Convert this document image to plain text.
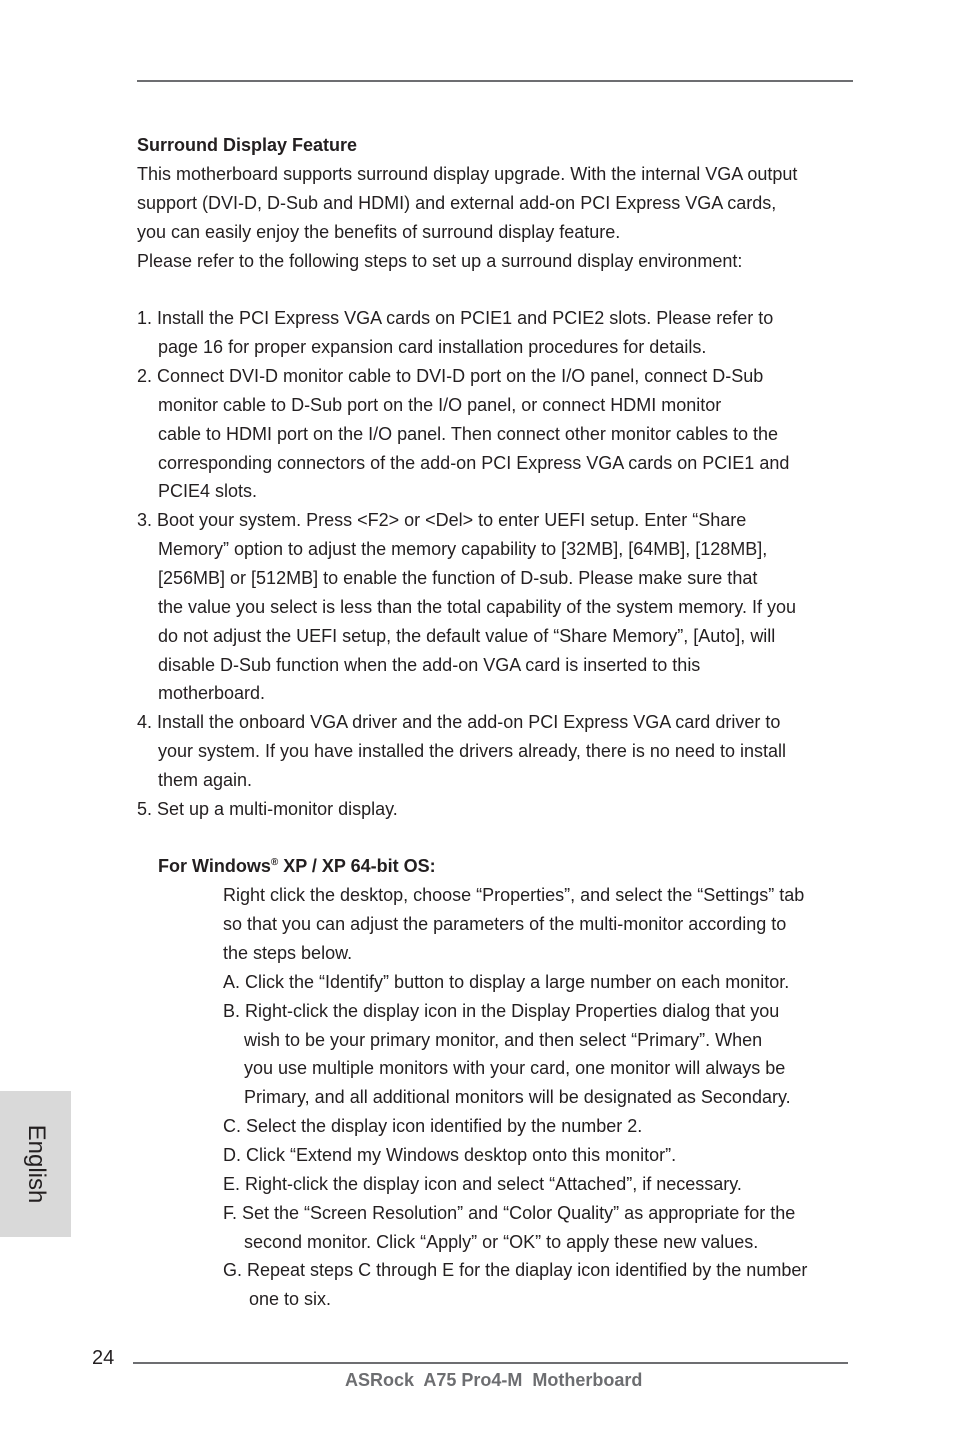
Surround Display Feature
This motherboard supports surround display upgrade. With the internal VGA output
support (DVI-D, D-Sub and HDMI) and external add-on PCI Express VGA cards,
you can easily enjoy the benefits of surround display feature.
Please refer to the following steps to set up a surround display environment:
1. Install the PCI Express VGA cards on PCIE1 and PCIE2 slots. Please refer to
page 16 for proper expansion card installation procedures for details.
2. Connect DVI-D monitor cable to DVI-D port on the I/O panel, connect D-Sub
monitor cable to D-Sub port on the I/O panel, or connect HDMI monitor
cable to HDMI port on the I/O panel. Then connect other monitor cables to the
corresponding connectors of the add-on PCI Express VGA cards on PCIE1 and
PCIE4 slots.
3. Boot your system. Press <F2> or <Del> to enter UEFI setup. Enter “Share
Memory” option to adjust the memory capability to [32MB], [64MB], [128MB],
[256MB] or [512MB] to enable the function of D-sub. Please make sure that
the value you select is less than the total capability of the system memory. If you
do not adjust the UEFI setup, the default value of “Share Memory”, [Auto], will
disable D-Sub function when the add-on VGA card is inserted to this
motherboard.
4. Install the onboard VGA driver and the add-on PCI Express VGA card driver to
your system. If you have installed the drivers already, there is no need to install
them again.
5. Set up a multi-monitor display.
For Windows® XP / XP 64-bit OS:
Right click the desktop, choose “Properties”, and select the “Settings” tab
so that you can adjust the parameters of the multi-monitor according to
the steps below.
A. Click the “Identify” button to display a large number on each monitor.
B. Right-click the display icon in the Display Properties dialog that you
wish to be your primary monitor, and then select “Primary”. When
you use multiple monitors with your card, one monitor will always be
Primary, and all additional monitors will be designated as Secondary.
C. Select the display icon identified by the number 2.
D. Click “Extend my Windows desktop onto this monitor”.
E. Right-click the display icon and select “Attached”, if necessary.
F. Set the “Screen Resolution” and “Color Quality” as appropriate for the
second monitor. Click “Apply” or “OK” to apply these new values.
G. Repeat steps C through E for the diaplay icon identified by the number
one to six.
English
24
ASRock  A75 Pro4-M  Motherboard
